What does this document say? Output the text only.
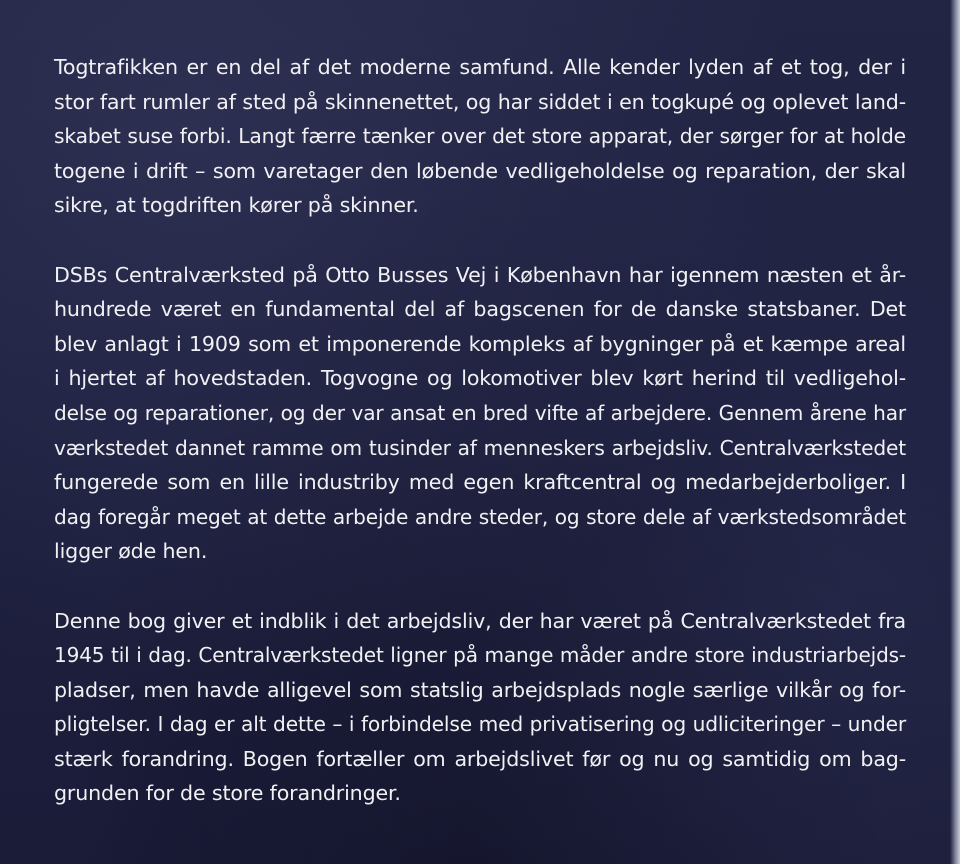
Togtrafikken er en del af det moderne samfund. Alle kender lyden af et tog, der i
stor fart rumler af sted på skinnenettet, og har siddet i en togkupé og oplevet land-
skabet suse forbi. Langt færre tænker over det store apparat, der sørger for at holde
togene i drift – som varetager den løbende vedligeholdelse og reparation, der skal
sikre, at togdriften kører på skinner.

DSBs Centralværksted på Otto Busses Vej i København har igennem næsten et år-
hundrede været en fundamental del af bagscenen for de danske statsbaner. Det
blev anlagt i 1909 som et imponerende kompleks af bygninger på et kæmpe areal
i hjertet af hovedstaden. Togvogne og lokomotiver blev kørt herind til vedligehol-
delse og reparationer, og der var ansat en bred vifte af arbejdere. Gennem årene har
værkstedet dannet ramme om tusinder af menneskers arbejdsliv. Centralværkstedet
fungerede som en lille industriby med egen kraftcentral og medarbejderboliger. I
dag foregår meget at dette arbejde andre steder, og store dele af værkstedsområdet
ligger øde hen.

Denne bog giver et indblik i det arbejdsliv, der har været på Centralværkstedet fra
1945 til i dag. Centralværkstedet ligner på mange måder andre store industriarbejds-
pladser, men havde alligevel som statslig arbejdsplads nogle særlige vilkår og for-
pligtelser. I dag er alt dette – i forbindelse med privatisering og udliciteringer – under
stærk forandring. Bogen fortæller om arbejdslivet før og nu og samtidig om bag-
grunden for de store forandringer.
